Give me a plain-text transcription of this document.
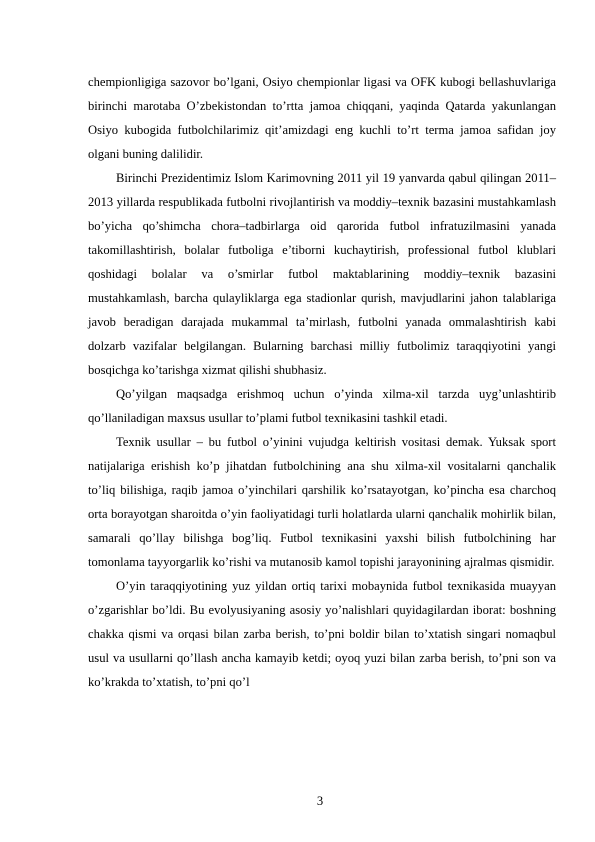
chempionligiga sazovor bo’lgani, Osiyo chempionlar ligasi va OFK kubogi bellashuvlariga birinchi marotaba O’zbekistondan to’rtta jamoa chiqqani, yaqinda Qatarda yakunlangan Osiyo kubogida futbolchilarimiz qit’amizdagi eng kuchli to’rt terma jamoa safidan joy olgani buning dalilidir.

Birinchi Prezidentimiz Islom Karimovning 2011 yil 19 yanvarda qabul qilingan 2011–2013 yillarda respublikada futbolni rivojlantirish va moddiy–texnik bazasini mustahkamlash bo’yicha qo’shimcha chora–tadbirlarga oid qarorida futbol infratuzilmasini yanada takomillashtirish, bolalar futboliga e’tiborni kuchaytirish, professional futbol klublari qoshidagi bolalar va o’smirlar futbol maktablarining moddiy–texnik bazasini mustahkamlash, barcha qulayliklarga ega stadionlar qurish, mavjudlarini jahon talablariga javob beradigan darajada mukammal ta’mirlash, futbolni yanada ommalashtirish kabi dolzarb vazifalar belgilangan. Bularning barchasi milliy futbolimiz taraqqiyotini yangi bosqichga ko’tarishga xizmat qilishi shubhasiz.

Qo’yilgan maqsadga erishmoq uchun o’yinda xilma-xil tarzda uyg’unlashtirib qo’llaniladigan maxsus usullar to’plami futbol texnikasini tashkil etadi.

Texnik usullar – bu futbol o’yinini vujudga keltirish vositasi demak. Yuksak sport natijalariga erishish ko’p jihatdan futbolchining ana shu xilma-xil vositalarni qanchalik to’liq bilishiga, raqib jamoa o’yinchilari qarshilik ko’rsatayotgan, ko’pincha esa charchoq orta borayotgan sharoitda o’yin faoliyatidagi turli holatlarda ularni qanchalik mohirlik bilan, samarali qo’llay bilishga bog’liq. Futbol texnikasini yaxshi bilish futbolchining har tomonlama tayyorgarlik ko’rishi va mutanosib kamol topishi jarayonining ajralmas qismidir.

O’yin taraqqiyotining yuz yildan ortiq tarixi mobaynida futbol texnikasida muayyan o’zgarishlar bo’ldi. Bu evolyusiyaning asosiy yo’nalishlari quyidagilardan iborat: boshning chakka qismi va orqasi bilan zarba berish, to’pni boldir bilan to’xtatish singari nomaqbul usul va usullarni qo’llash ancha kamayib ketdi; oyoq yuzi bilan zarba berish, to’pni son va ko’krakda to’xtatish, to’pni qo’l

3
